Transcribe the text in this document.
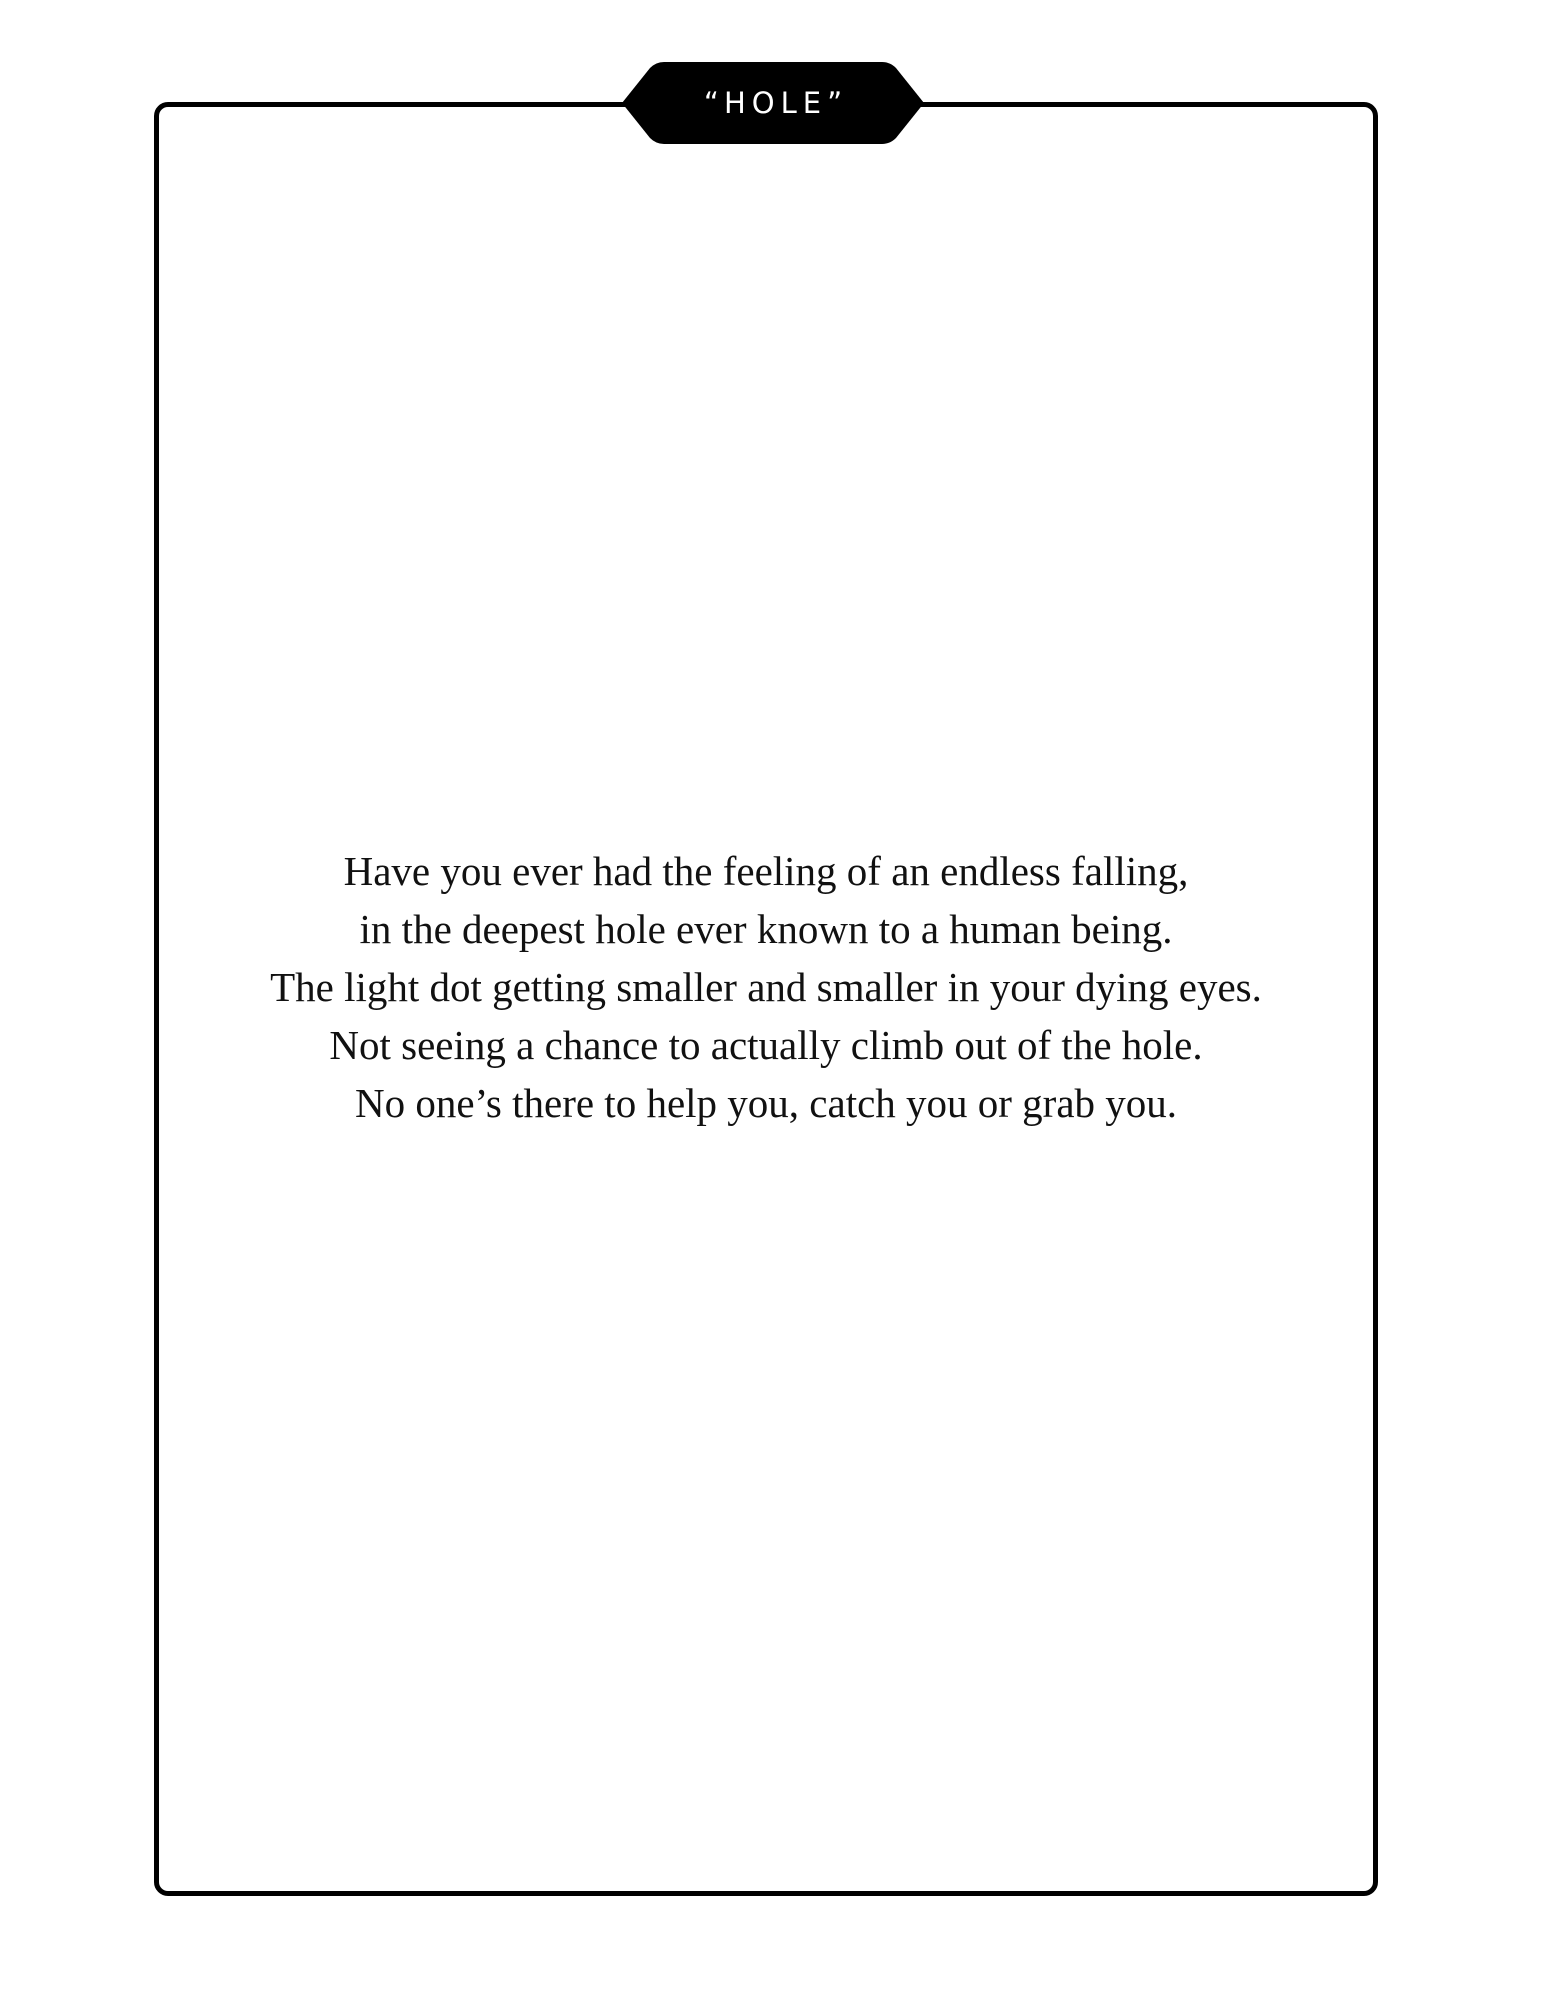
“HOLE”
Have you ever had the feeling of an endless falling,
in the deepest hole ever known to a human being.
The light dot getting smaller and smaller in your dying eyes.
Not seeing a chance to actually climb out of the hole.
No one’s there to help you, catch you or grab you.
